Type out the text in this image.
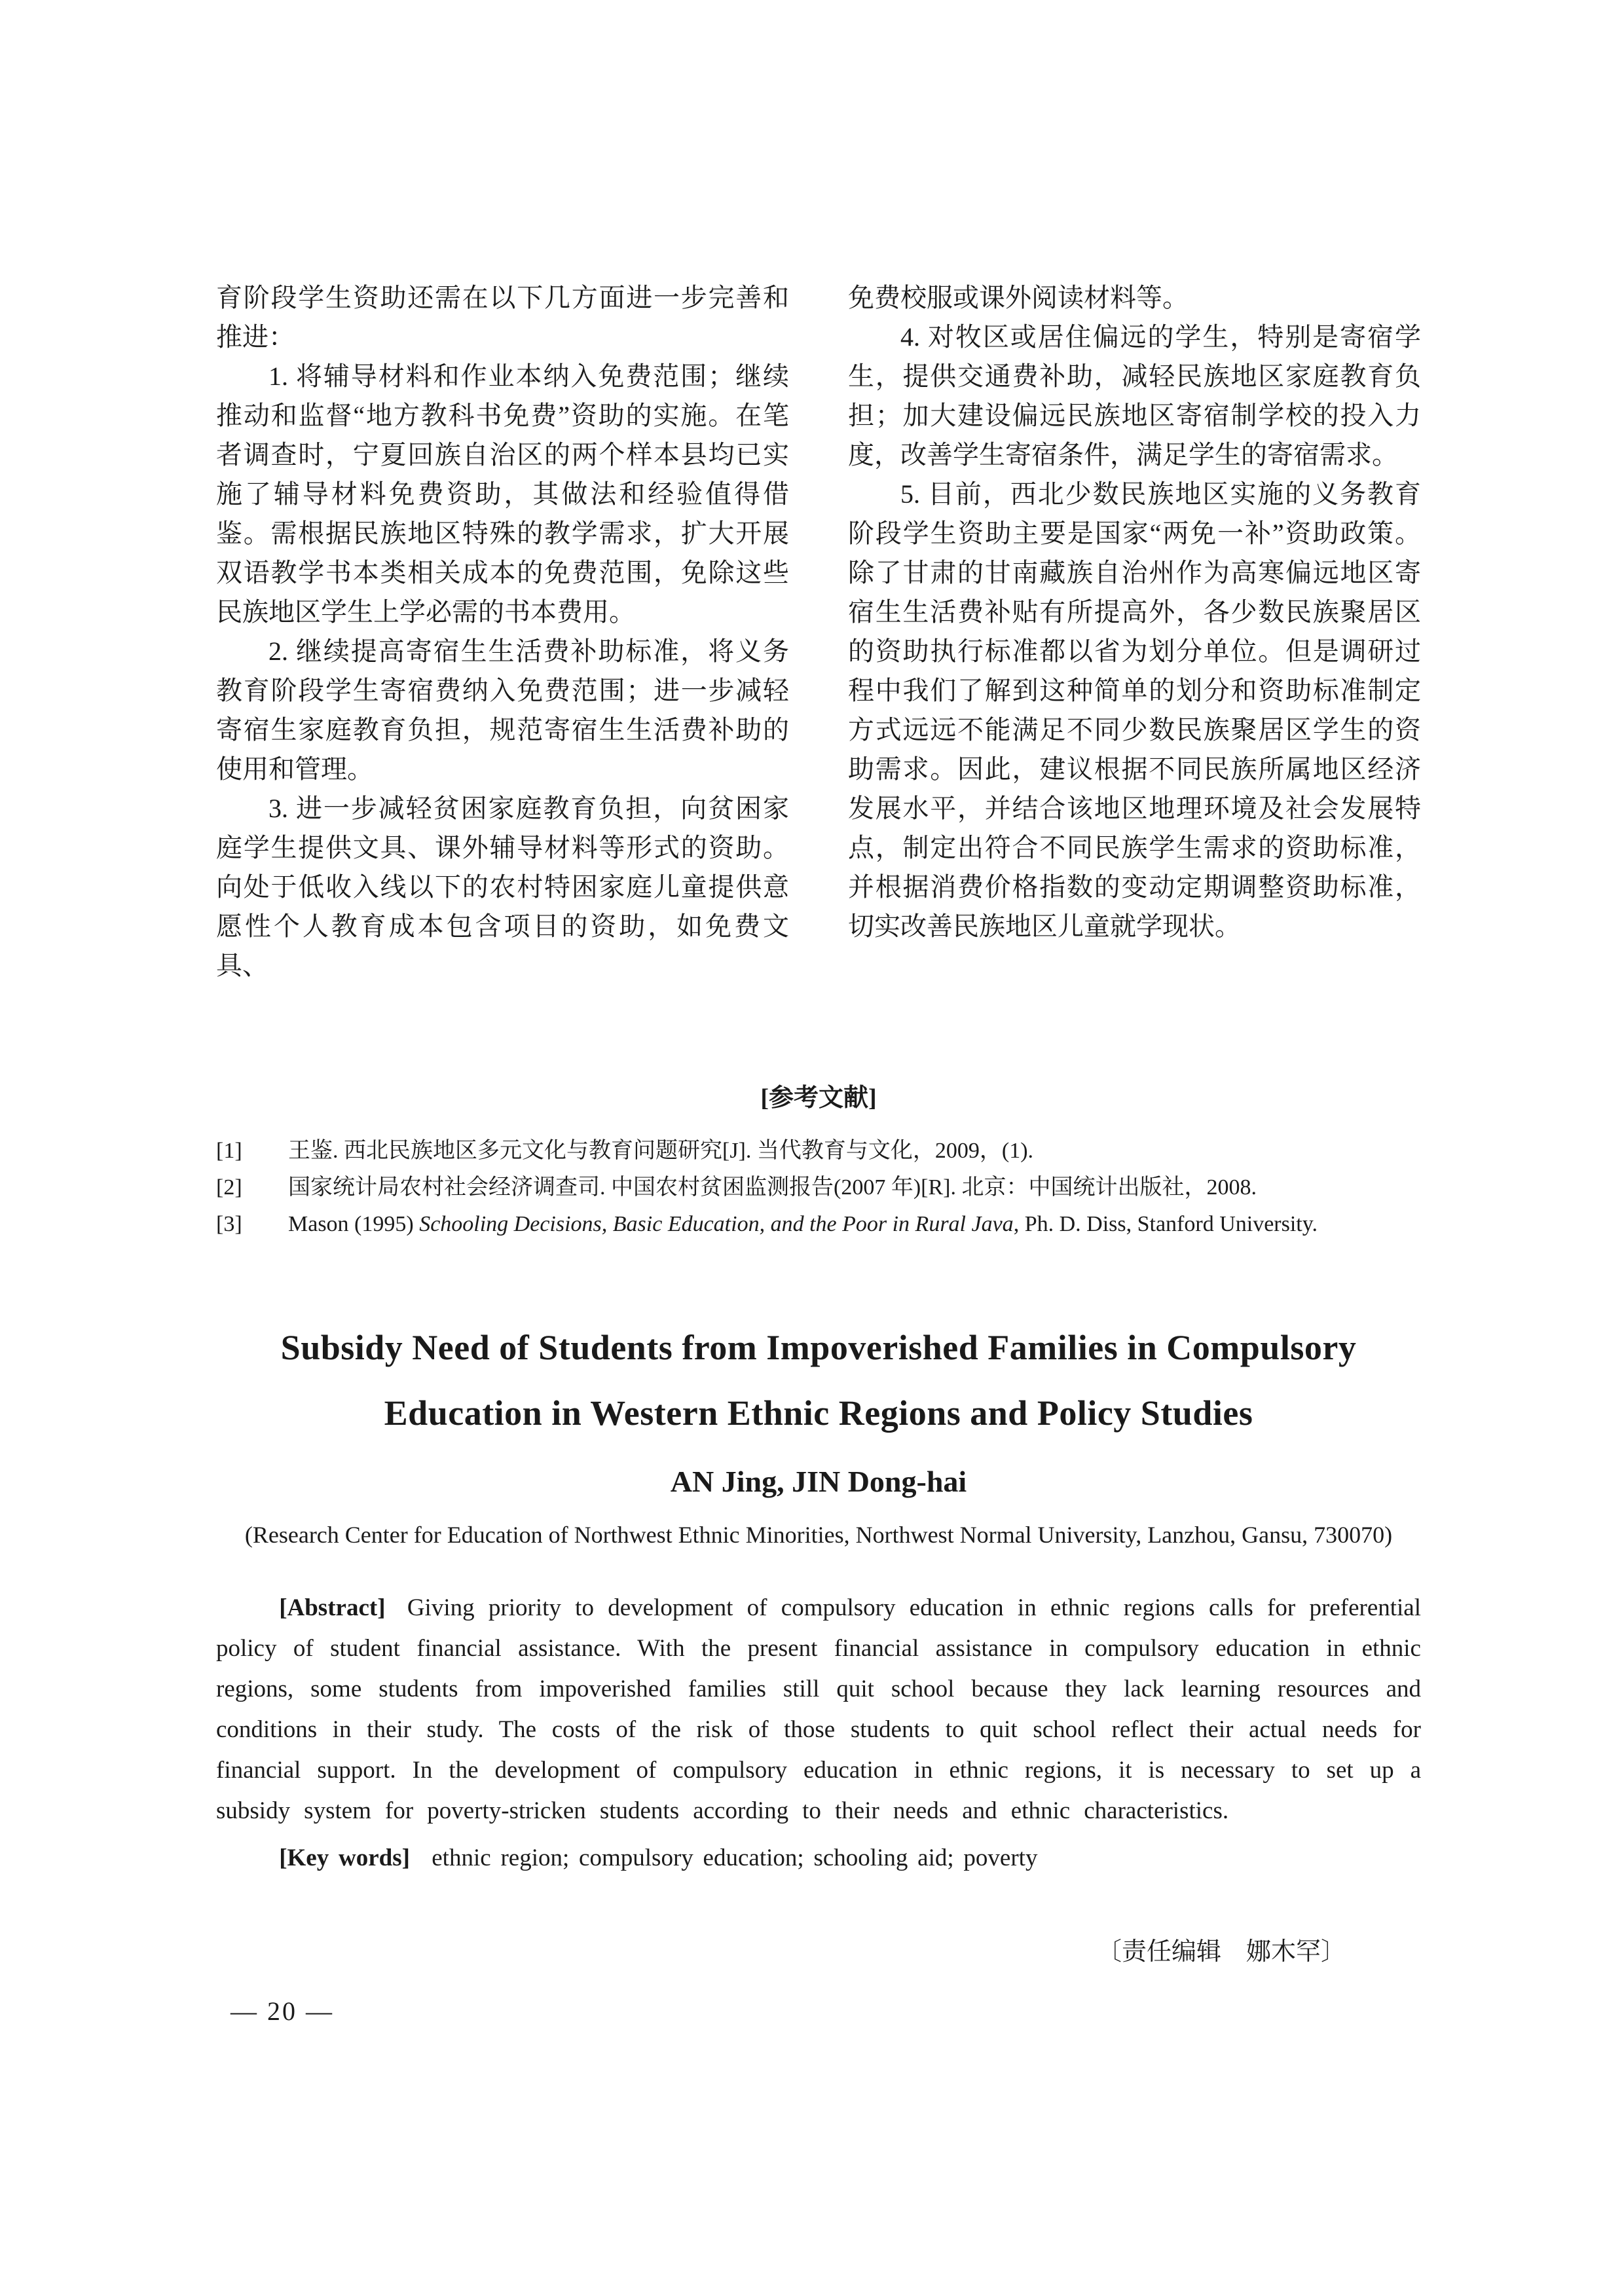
育阶段学生资助还需在以下几方面进一步完善和推进：

1. 将辅导材料和作业本纳入免费范围；继续推动和监督“地方教科书免费”资助的实施。在笔者调查时，宁夏回族自治区的两个样本县均已实施了辅导材料免费资助，其做法和经验值得借鉴。需根据民族地区特殊的教学需求，扩大开展双语教学书本类相关成本的免费范围，免除这些民族地区学生上学必需的书本费用。

2. 继续提高寄宿生生活费补助标准，将义务教育阶段学生寄宿费纳入免费范围；进一步减轻寄宿生家庭教育负担，规范寄宿生生活费补助的使用和管理。

3. 进一步减轻贫困家庭教育负担，向贫困家庭学生提供文具、课外辅导材料等形式的资助。向处于低收入线以下的农村特困家庭儿童提供意愿性个人教育成本包含项目的资助，如免费文具、

免费校服或课外阅读材料等。

4. 对牧区或居住偏远的学生，特别是寄宿学生，提供交通费补助，减轻民族地区家庭教育负担；加大建设偏远民族地区寄宿制学校的投入力度，改善学生寄宿条件，满足学生的寄宿需求。

5. 目前，西北少数民族地区实施的义务教育阶段学生资助主要是国家“两免一补”资助政策。除了甘肃的甘南藏族自治州作为高寒偏远地区寄宿生生活费补贴有所提高外，各少数民族聚居区的资助执行标准都以省为划分单位。但是调研过程中我们了解到这种简单的划分和资助标准制定方式远远不能满足不同少数民族聚居区学生的资助需求。因此，建议根据不同民族所属地区经济发展水平，并结合该地区地理环境及社会发展特点，制定出符合不同民族学生需求的资助标准，并根据消费价格指数的变动定期调整资助标准，切实改善民族地区儿童就学现状。

[参考文献]
[1]	王鉴. 西北民族地区多元文化与教育问题研究[J]. 当代教育与文化，2009，(1).
[2]	国家统计局农村社会经济调查司. 中国农村贫困监测报告(2007 年)[R]. 北京：中国统计出版社，2008.
[3]	Mason (1995) Schooling Decisions, Basic Education, and the Poor in Rural Java, Ph. D. Diss, Stanford University.
Subsidy Need of Students from Impoverished Families in Compulsory
Education in Western Ethnic Regions and Policy Studies
AN Jing, JIN Dong-hai
(Research Center for Education of Northwest Ethnic Minorities, Northwest Normal University, Lanzhou, Gansu, 730070)

[Abstract] Giving priority to development of compulsory education in ethnic regions calls for preferential policy of student financial assistance. With the present financial assistance in compulsory education in ethnic regions, some students from impoverished families still quit school because they lack learning resources and conditions in their study. The costs of the risk of those students to quit school reflect their actual needs for financial support. In the development of compulsory education in ethnic regions, it is necessary to set up a subsidy system for poverty-stricken students according to their needs and ethnic characteristics.

[Key words] ethnic region; compulsory education; schooling aid; poverty

〔责任编辑　娜木罕〕
— 20 —
